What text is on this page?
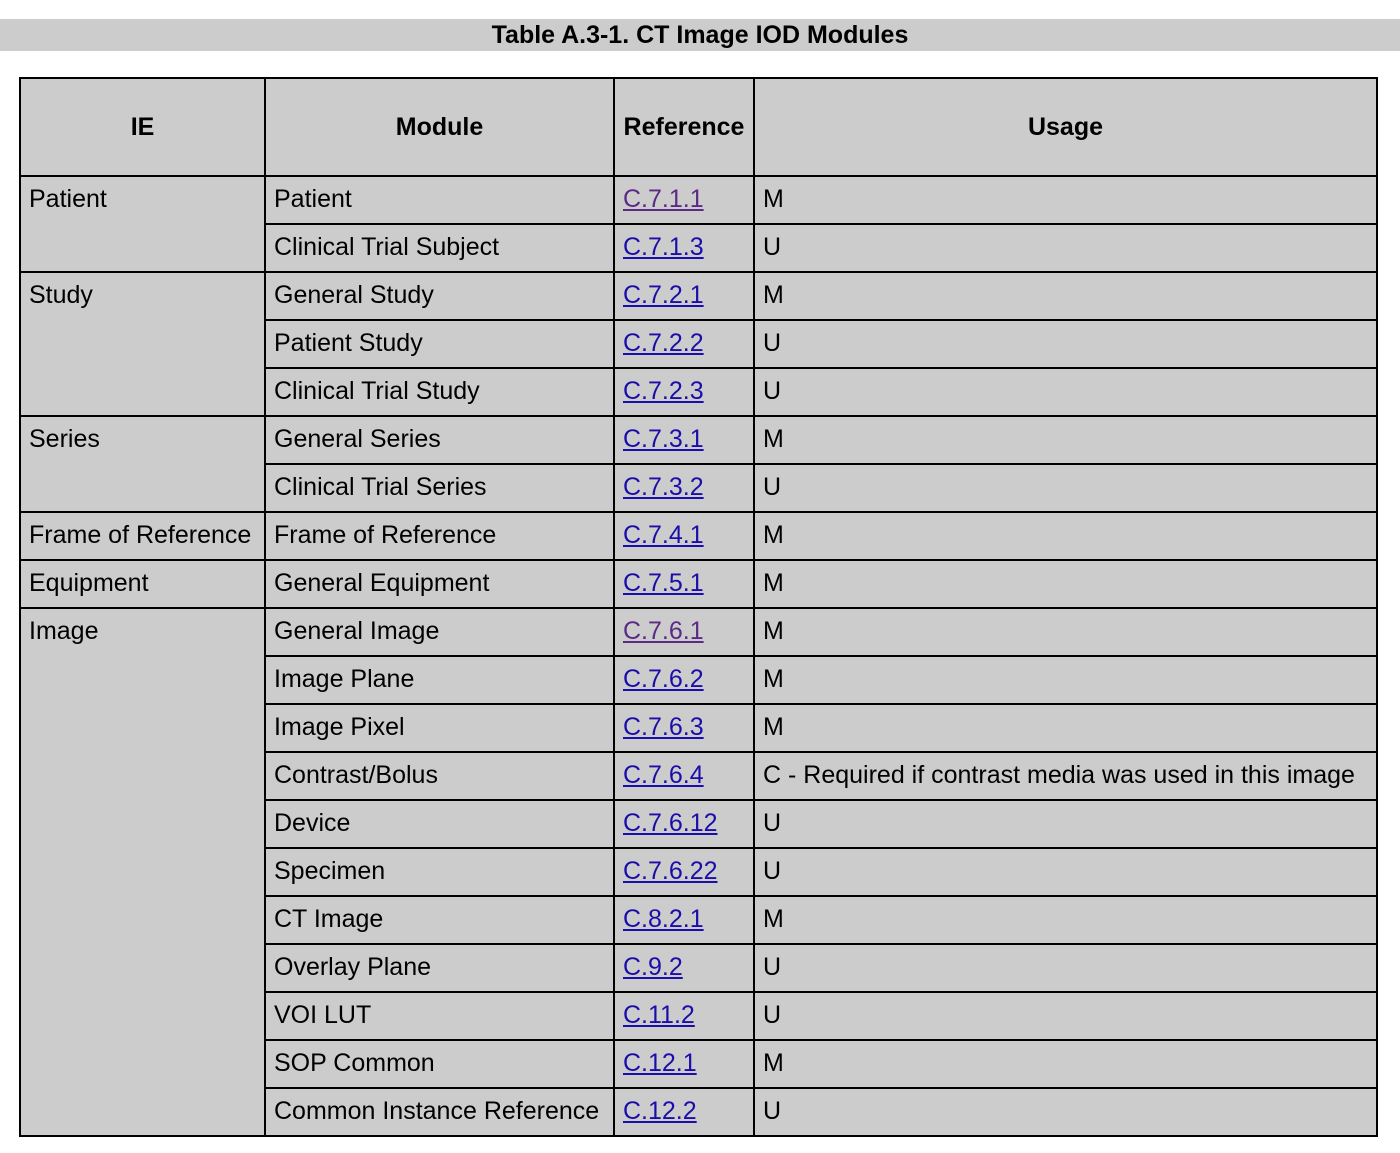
Table A.3-1. CT Image IOD Modules
IE	Module	Reference	Usage
Patient	Patient	C.7.1.1	M
	Clinical Trial Subject	C.7.1.3	U
Study	General Study	C.7.2.1	M
	Patient Study	C.7.2.2	U
	Clinical Trial Study	C.7.2.3	U
Series	General Series	C.7.3.1	M
	Clinical Trial Series	C.7.3.2	U
Frame of Reference	Frame of Reference	C.7.4.1	M
Equipment	General Equipment	C.7.5.1	M
Image	General Image	C.7.6.1	M
	Image Plane	C.7.6.2	M
	Image Pixel	C.7.6.3	M
	Contrast/Bolus	C.7.6.4	C - Required if contrast media was used in this image
	Device	C.7.6.12	U
	Specimen	C.7.6.22	U
	CT Image	C.8.2.1	M
	Overlay Plane	C.9.2	U
	VOI LUT	C.11.2	U
	SOP Common	C.12.1	M
	Common Instance Reference	C.12.2	U
